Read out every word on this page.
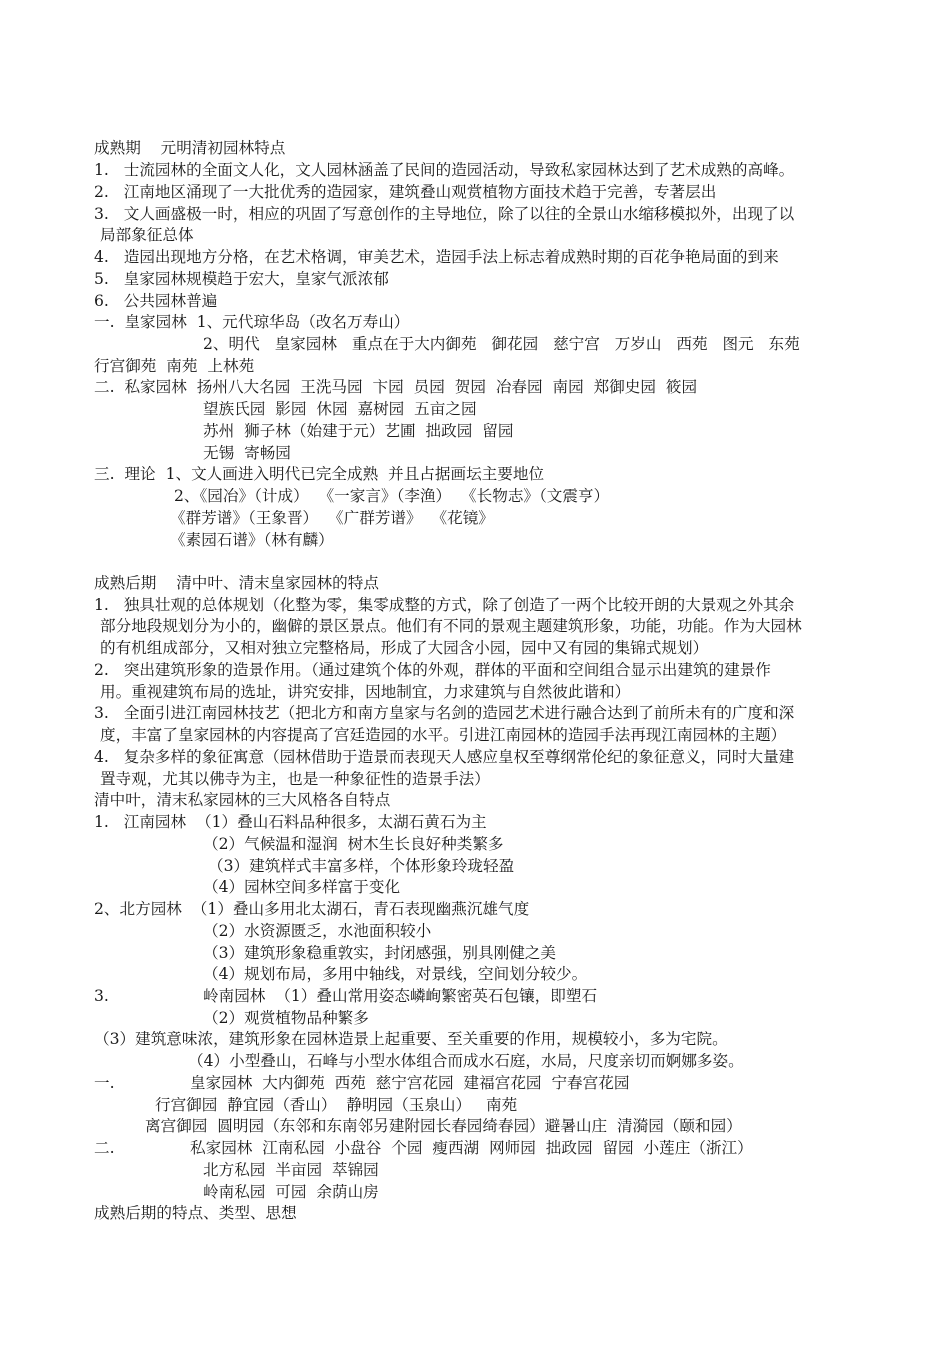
成熟期    元明清初园林特点
1.   士流园林的全面文人化，文人园林涵盖了民间的造园活动，导致私家园林达到了艺术成熟的高峰。
2.   江南地区涌现了一大批优秀的造园家，建筑叠山观赏植物方面技术趋于完善，专著层出
3.   文人画盛极一时，相应的巩固了写意创作的主导地位，除了以往的全景山水缩移模拟外，出现了以
局部象征总体
4.   造园出现地方分格，在艺术格调，审美艺术，造园手法上标志着成熟时期的百花争艳局面的到来
5.   皇家园林规模趋于宏大，皇家气派浓郁
6.   公共园林普遍
一.  皇家园林  1、元代琼华岛（改名万寿山）
2、明代   皇家园林   重点在于大内御苑   御花园   慈宁宫   万岁山   西苑   图元   东苑
行宫御苑  南苑  上林苑
二.  私家园林  扬州八大名园  王洗马园  卞园  员园  贺园  冶春园  南园  郑御史园  筱园
望族氏园  影园  休园  嘉树园  五亩之园
苏州  狮子林（始建于元）艺圃  拙政园  留园
无锡  寄畅园
三.  理论  1、文人画进入明代已完全成熟  并且占据画坛主要地位
2、《园冶》（计成）  《一家言》（李渔）  《长物志》（文震亨）
《群芳谱》（王象晋）  《广群芳谱》  《花镜》
《素园石谱》（林有麟）
成熟后期    清中叶、清末皇家园林的特点
1.   独具壮观的总体规划（化整为零，集零成整的方式，除了创造了一两个比较开朗的大景观之外其余
部分地段规划分为小的，幽僻的景区景点。他们有不同的景观主题建筑形象，功能，功能。作为大园林
的有机组成部分，又相对独立完整格局，形成了大园含小园，园中又有园的集锦式规划）
2.   突出建筑形象的造景作用。（通过建筑个体的外观，群体的平面和空间组合显示出建筑的建景作
用。重视建筑布局的选址，讲究安排，因地制宜，力求建筑与自然彼此谐和）
3.   全面引进江南园林技艺（把北方和南方皇家与名剑的造园艺术进行融合达到了前所未有的广度和深
度，丰富了皇家园林的内容提高了宫廷造园的水平。引进江南园林的造园手法再现江南园林的主题）
4.   复杂多样的象征寓意（园林借助于造景而表现天人感应皇权至尊纲常伦纪的象征意义，同时大量建
置寺观，尤其以佛寺为主，也是一种象征性的造景手法）
清中叶，清末私家园林的三大风格各自特点
1.   江南园林  （1）叠山石料品种很多，太湖石黄石为主
（2）气候温和湿润  树木生长良好种类繁多
（3）建筑样式丰富多样，个体形象玲珑轻盈
（4）园林空间多样富于变化
2、北方园林  （1）叠山多用北太湖石，青石表现幽燕沉雄气度
（2）水资源匮乏，水池面积较小
（3）建筑形象稳重敦实，封闭感强，别具刚健之美
（4）规划布局，多用中轴线，对景线，空间划分较少。
3.	岭南园林  （1）叠山常用姿态嶙峋繁密英石包镶，即塑石
（2）观赏植物品种繁多
（3）建筑意味浓，建筑形象在园林造景上起重要、至关重要的作用，规模较小，多为宅院。
（4）小型叠山，石峰与小型水体组合而成水石庭，水局，尺度亲切而婀娜多姿。
一.	皇家园林  大内御苑  西苑  慈宁宫花园  建福宫花园  宁春宫花园
行宫御园  静宜园（香山）  静明园（玉泉山）   南苑
离宫御园  圆明园（东邻和东南邻另建附园长春园绮春园）避暑山庄  清漪园（颐和园）
二.	私家园林  江南私园  小盘谷  个园  瘦西湖  网师园  拙政园  留园  小莲庄（浙江）
北方私园  半亩园  萃锦园
岭南私园  可园  余荫山房
成熟后期的特点、类型、思想
